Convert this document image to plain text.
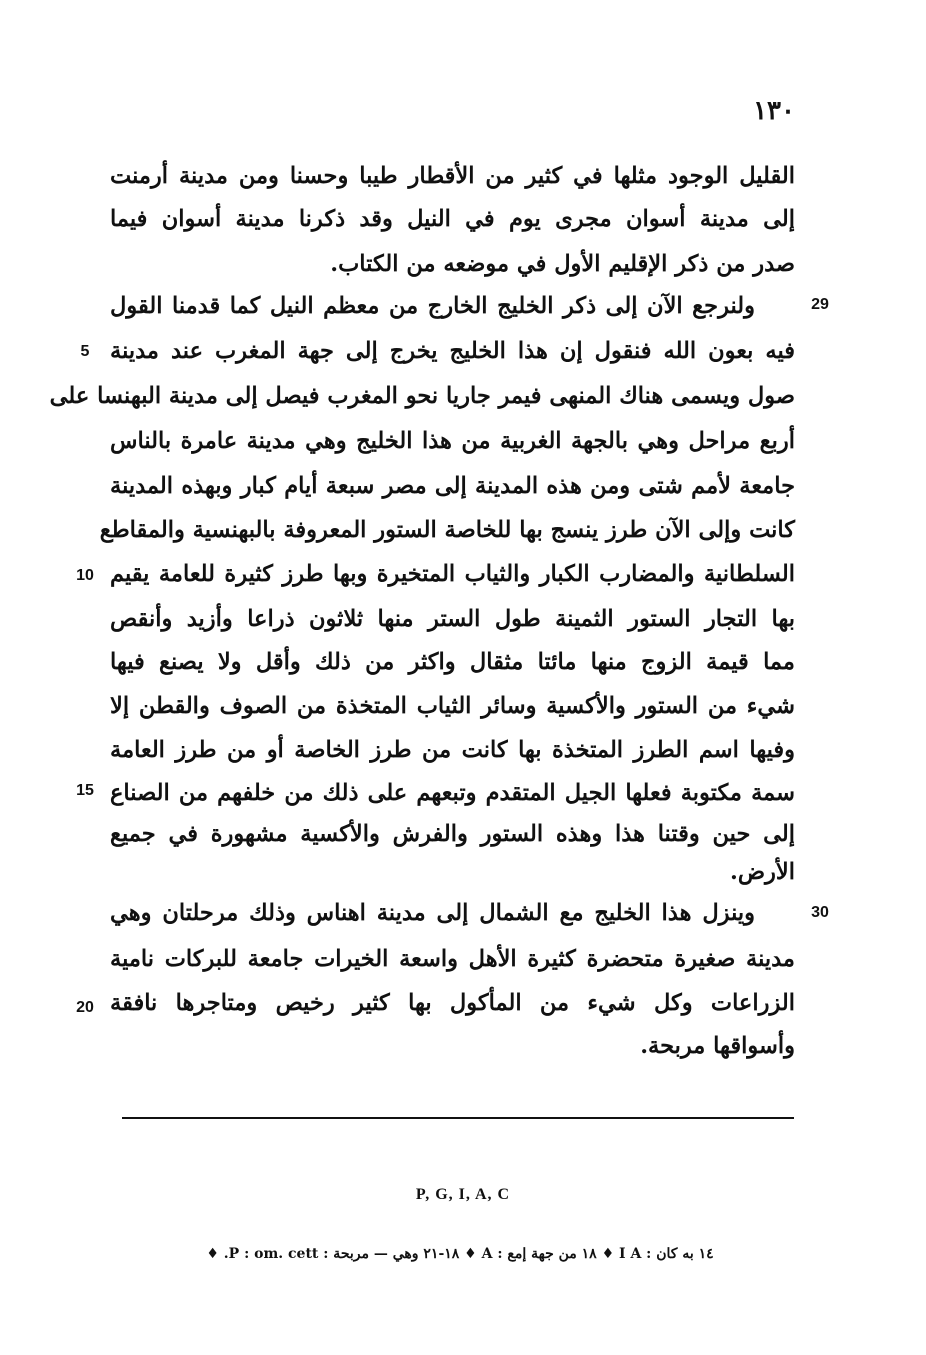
١٣٠
القليل الوجود مثلها في كثير من الأقطار طيبا وحسنا ومن مدينة أرمنت
إلى مدينة أسوان مجرى يوم في النيل وقد ذكرنا مدينة أسوان فيما
صدر من ذكر الإقليم الأول في موضعه من الكتاب.
29
ولنرجع الآن إلى ذكر الخليج الخارج من معظم النيل كما قدمنا القول
فيه بعون الله فنقول إن هذا الخليج يخرج إلى جهة المغرب عند مدينة
5
صول ويسمى هناك المنهى فيمر جاريا نحو المغرب فيصل إلى مدينة البهنسا على
أربع مراحل وهي بالجهة الغربية من هذا الخليج وهي مدينة عامرة بالناس
جامعة لأمم شتى ومن هذه المدينة إلى مصر سبعة أيام كبار وبهذه المدينة
كانت وإلى الآن طرز ينسج بها للخاصة الستور المعروفة بالبهنسية والمقاطع
السلطانية والمضارب الكبار والثياب المتخيرة وبها طرز كثيرة للعامة يقيم
10
بها التجار الستور الثمينة طول الستر منها ثلاثون ذراعا وأزيد وأنقص
مما قيمة الزوج منها مائتا مثقال واكثر من ذلك وأقل ولا يصنع فيها
شيء من الستور والأكسية وسائر الثياب المتخذة من الصوف والقطن إلا
وفيها اسم الطرز المتخذة بها كانت من طرز الخاصة أو من طرز العامة
سمة مكتوبة فعلها الجيل المتقدم وتبعهم على ذلك من خلفهم من الصناع
15
إلى حين وقتنا هذا وهذه الستور والفرش والأكسية مشهورة في جميع
الأرض.
30
وينزل هذا الخليج مع الشمال إلى مدينة اهناس وذلك مرحلتان وهي
مدينة صغيرة متحضرة كثيرة الأهل واسعة الخيرات جامعة للبركات نامية
الزراعات وكل شيء من المأكول بها كثير رخيص ومتاجرها نافقة
20
وأسواقها مربحة.
P, G, I, A, C
١٤ به كان : I A ♦ ١٨ من جهة إمع : A ♦ ١٨-٢١ وهي — مربحة : P : om. cett. ♦
